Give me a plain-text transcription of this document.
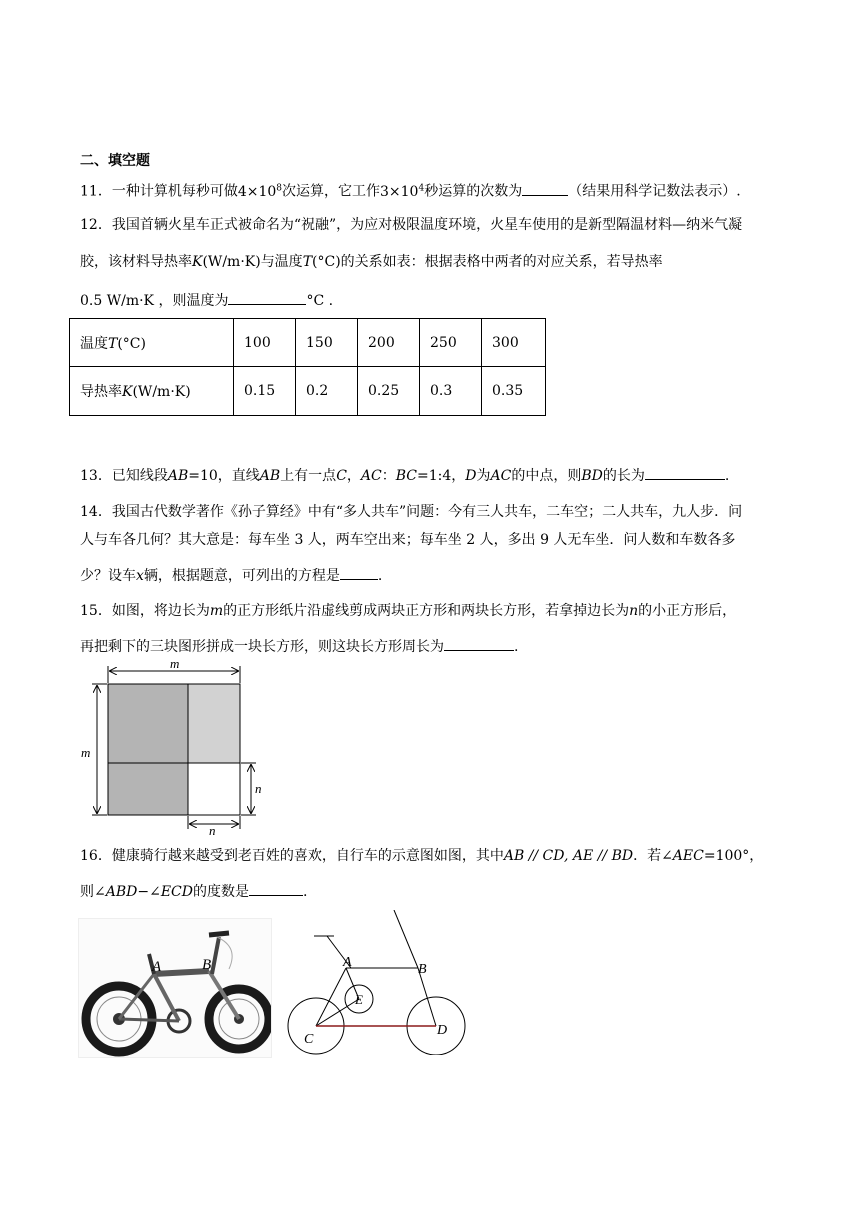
二、填空题
11．一种计算机每秒可做$4\times 10^8$次运算，它工作$3\times 10^4$秒运算的次数为	（结果用科学记数法表示）.
12．我国首辆火星车正式被命名为“祝融”，为应对极限温度环境，火星车使用的是新型隔温材料—纳米气凝
胶，该材料导热率K(W/m·K)与温度T(°C)的关系如表：根据表格中两者的对应关系，若导热率
0.5 W/m·K ，则温度为	°C .
温度T(°C)	100	150	200	250	300
导热率K(W/m·K)	0.15	0.2	0.25	0.3	0.35
13．已知线段AB=10，直线AB上有一点C，AC：BC=1:4，D为AC的中点，则BD的长为	.
14．我国古代数学著作《孙子算经》中有“多人共车”问题：今有三人共车，二车空；二人共车，九人步．问
人与车各几何？其大意是：每车坐 3 人，两车空出来；每车坐 2 人，多出 9 人无车坐．问人数和车数各多
少？设车x辆，根据题意，可列出的方程是	.
15．如图，将边长为m的正方形纸片沿虚线剪成两块正方形和两块长方形，若拿掉边长为n的小正方形后，
再把剩下的三块图形拼成一块长方形，则这块长方形周长为	.
m
m
n
n
16．健康骑行越来越受到老百姓的喜欢，自行车的示意图如图，其中AB // CD, AE // BD．若∠AEC=100°，
则∠ABD−∠ECD的度数是	.
A	B	A	B
C
D
E
